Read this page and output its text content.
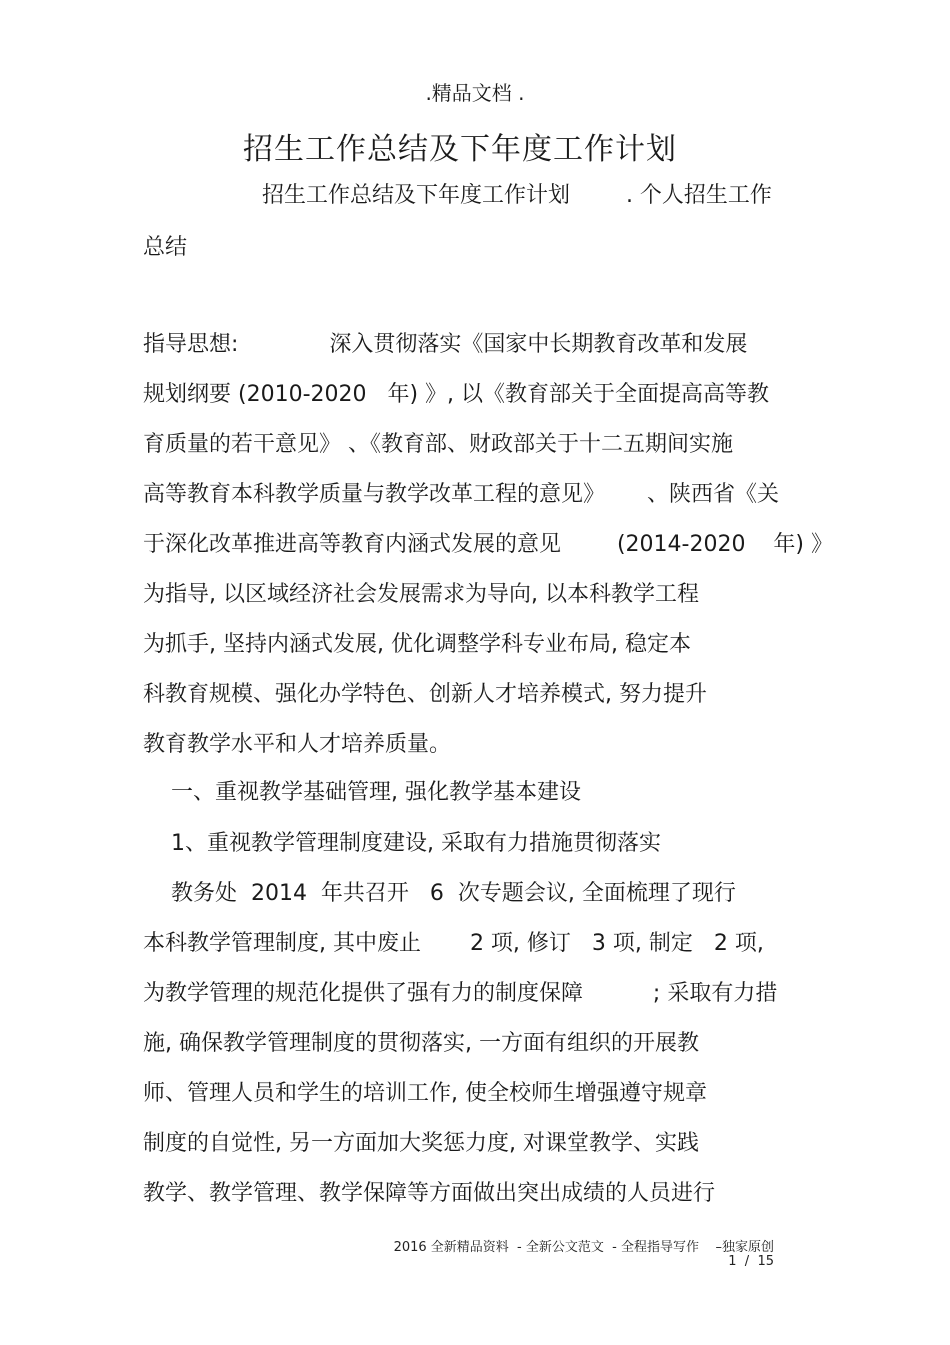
.精品文档 .
招生工作总结及下年度工作计划
招生工作总结及下年度工作计划        . 个人招生工作
总结
指导思想:             深入贯彻落实《国家中长期教育改革和发展
规划纲要 (2010-2020   年) 》, 以《教育部关于全面提高高等教
育质量的若干意见》 、《教育部、财政部关于十二五期间实施
高等教育本科教学质量与教学改革工程的意见》      、陕西省《关
于深化改革推进高等教育内涵式发展的意见        (2014-2020    年) 》
为指导, 以区域经济社会发展需求为导向, 以本科教学工程
为抓手, 坚持内涵式发展, 优化调整学科专业布局, 稳定本
科教育规模、强化办学特色、创新人才培养模式, 努力提升
教育教学水平和人才培养质量。
一、重视教学基础管理, 强化教学基本建设
1、重视教学管理制度建设, 采取有力措施贯彻落实
教务处  2014  年共召开   6  次专题会议, 全面梳理了现行
本科教学管理制度, 其中废止       2 项, 修订   3 项, 制定   2 项,
为教学管理的规范化提供了强有力的制度保障          ; 采取有力措
施, 确保教学管理制度的贯彻落实, 一方面有组织的开展教
师、管理人员和学生的培训工作, 使全校师生增强遵守规章
制度的自觉性, 另一方面加大奖惩力度, 对课堂教学、实践
教学、教学管理、教学保障等方面做出突出成绩的人员进行
2016 全新精品资料  - 全新公文范文  - 全程指导写作    –独家原创
1  /  15
